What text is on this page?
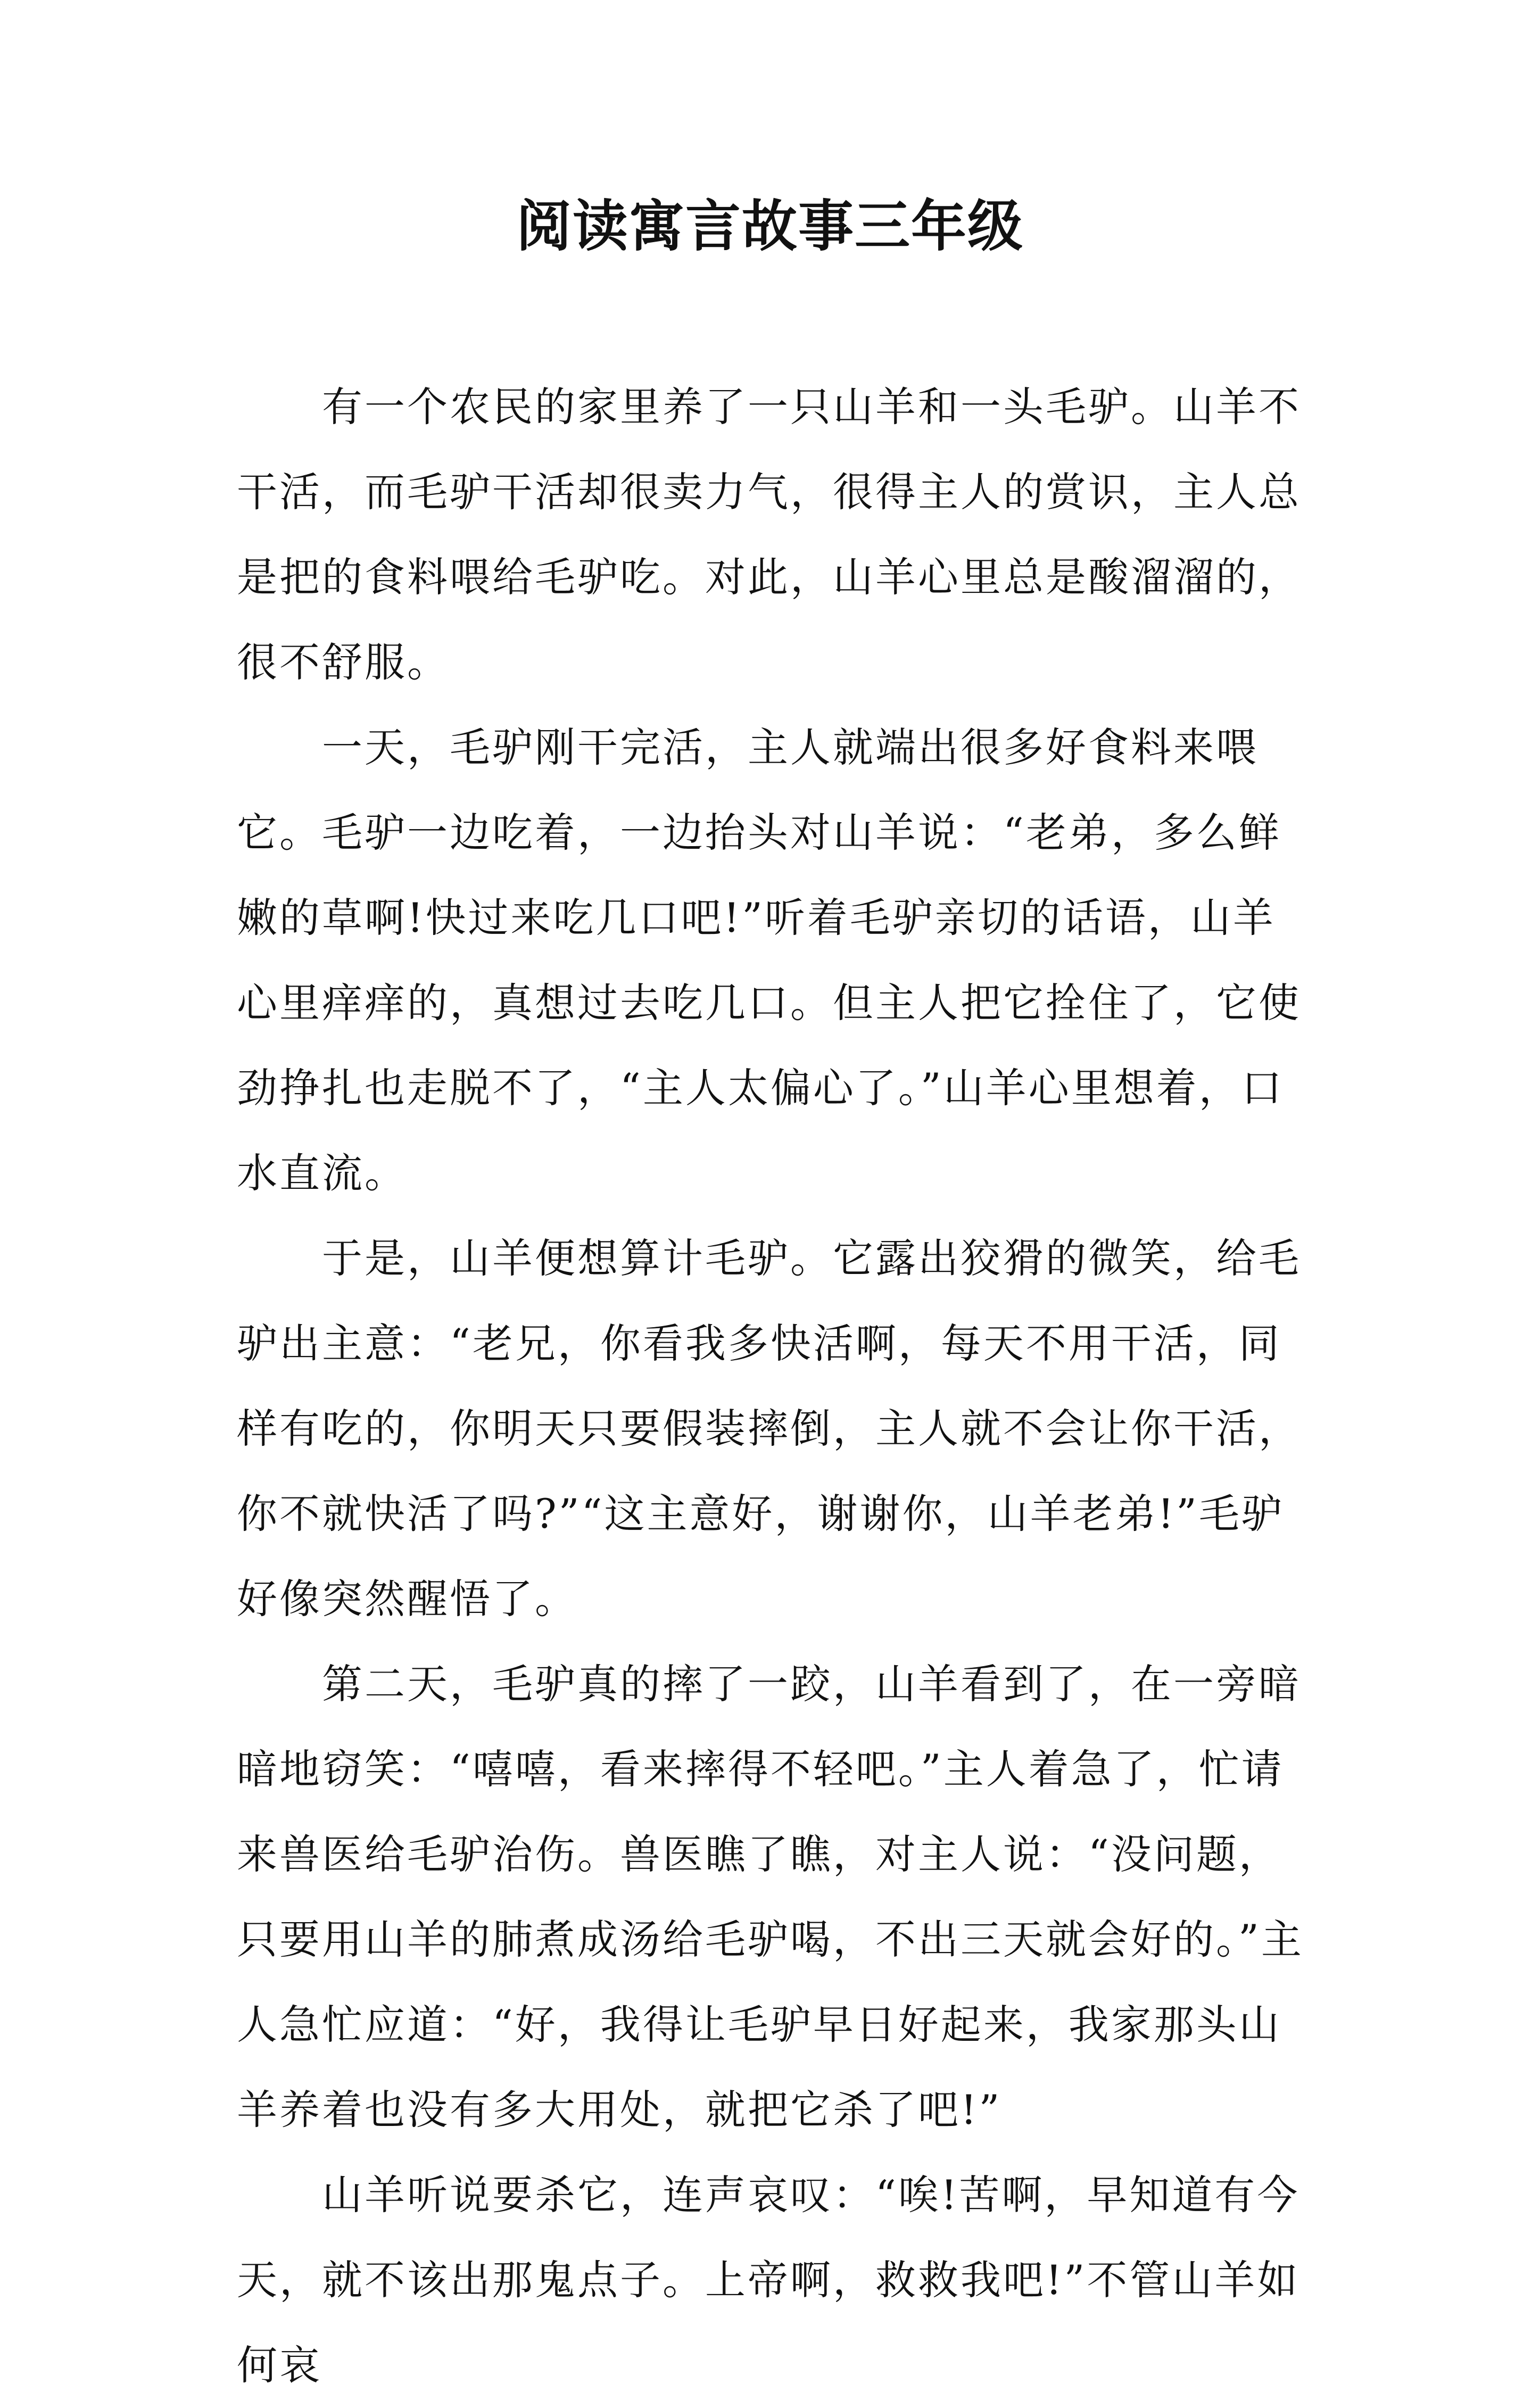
阅读寓言故事三年级

有一个农民的家里养了一只山羊和一头毛驴。山羊不干活，而毛驴干活却很卖力气，很得主人的赏识，主人总是把的食料喂给毛驴吃。对此，山羊心里总是酸溜溜的，很不舒服。

一天，毛驴刚干完活，主人就端出很多好食料来喂它。毛驴一边吃着，一边抬头对山羊说：“老弟，多么鲜嫩的草啊!快过来吃几口吧!”听着毛驴亲切的话语，山羊心里痒痒的，真想过去吃几口。但主人把它拴住了，它使劲挣扎也走脱不了，“主人太偏心了。”山羊心里想着，口水直流。

于是，山羊便想算计毛驴。它露出狡猾的微笑，给毛驴出主意：“老兄，你看我多快活啊，每天不用干活，同样有吃的，你明天只要假装摔倒，主人就不会让你干活，你不就快活了吗?”“这主意好，谢谢你，山羊老弟!”毛驴好像突然醒悟了。

第二天，毛驴真的摔了一跤，山羊看到了，在一旁暗暗地窃笑：“嘻嘻，看来摔得不轻吧。”主人着急了，忙请来兽医给毛驴治伤。兽医瞧了瞧，对主人说：“没问题，只要用山羊的肺煮成汤给毛驴喝，不出三天就会好的。”主人急忙应道：“好，我得让毛驴早日好起来，我家那头山羊养着也没有多大用处，就把它杀了吧!”

山羊听说要杀它，连声哀叹：“唉!苦啊，早知道有今天，就不该出那鬼点子。上帝啊，救救我吧!”不管山羊如何哀
